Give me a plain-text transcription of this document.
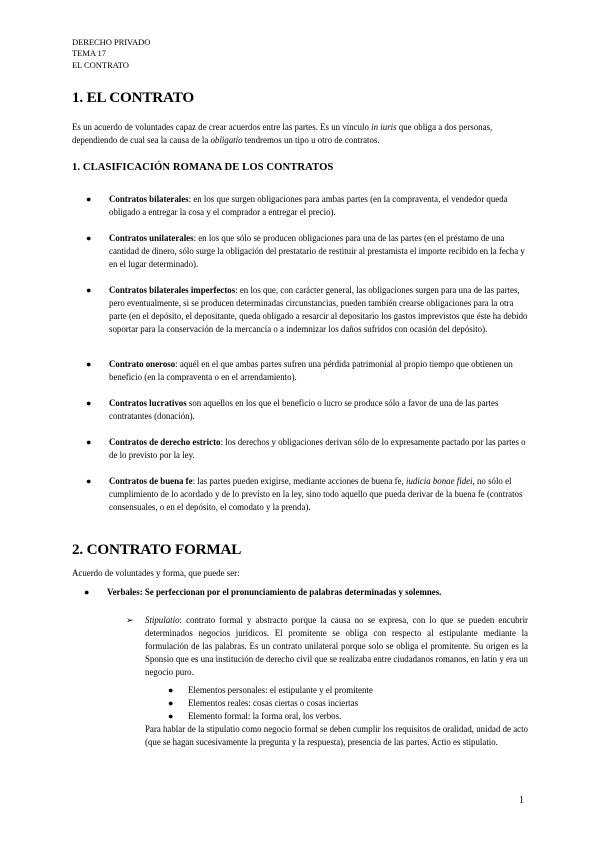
DERECHO PRIVADO
TEMA 17
EL CONTRATO
1. EL CONTRATO

Es un acuerdo de voluntades capaz de crear acuerdos entre las partes. Es un vínculo in iuris que obliga a dos personas, dependiendo de cual sea la causa de la obligatio tendremos un tipo u otro de contratos.

1. CLASIFICACIÓN ROMANA DE LOS CONTRATOS
●	Contratos bilaterales: en los que surgen obligaciones para ambas partes (en la compraventa, el vendedor queda obligado a entregar la cosa y el comprador a entregar el precio).
●	Contratos unilaterales: en los que sólo se producen obligaciones para una de las partes (en el préstamo de una cantidad de dinero, sólo surge la obligación del prestatario de restituir al prestamista el importe recibido en la fecha y en el lugar determinado).
●	Contratos bilaterales imperfectos: en los que, con carácter general, las obligaciones surgen para una de las partes, pero eventualmente, si se producen determinadas circunstancias, pueden también crearse obligaciones para la otra parte (en el depósito, el depositante, queda obligado a resarcir al depositario los gastos imprevistos que éste ha debido soportar para la conservación de la mercancía o a indemnizar los daños sufridos con ocasión del depósito).
●	Contrato oneroso: aquél en el que ambas partes sufren una pérdida patrimonial al propio tiempo que obtienen un beneficio (en la compraventa o en el arrendamiento).
●	Contratos lucrativos son aquellos en los que el beneficio o lucro se produce sólo a favor de una de las partes contratantes (donación).
●	Contratos de derecho estricto: los derechos y obligaciones derivan sólo de lo expresamente pactado por las partes o de lo previsto por la ley.
●	Contratos de buena fe: las partes pueden exigirse, mediante acciones de buena fe, iudicia bonae fidei, no sólo el cumplimiento de lo acordado y de lo previsto en la ley, sino todo aquello que pueda derivar de la buena fe (contratos consensuales, o en el depósito, el comodato y la prenda).
2. CONTRATO FORMAL

Acuerdo de voluntades y forma, que puede ser:

●	Verbales: Se perfeccionan por el pronunciamiento de palabras determinadas y solemnes.
➢ Stipulatio: contrato formal y abstracto porque la causa no se expresa, con lo que se pueden encubrir determinados negocios jurídicos. El promitente se obliga con respecto al estipulante mediante la formulación de las palabras. Es un contrato unilateral porque solo se obliga el promitente. Su origen es la Sponsio que es una institución de derecho civil que se realizaba entre ciudadanos romanos, en latín y era un negocio puro.
● Elementos personales: el estipulante y el promitente
● Elementos reales: cosas ciertas o cosas inciertas
● Elemento formal: la forma oral, los verbos.

Para hablar de la stipulatio como negocio formal se deben cumplir los requisitos de oralidad, unidad de acto (que se hagan sucesivamente la pregunta y la respuesta), presencia de las partes. Actio es stipulatio.

1
